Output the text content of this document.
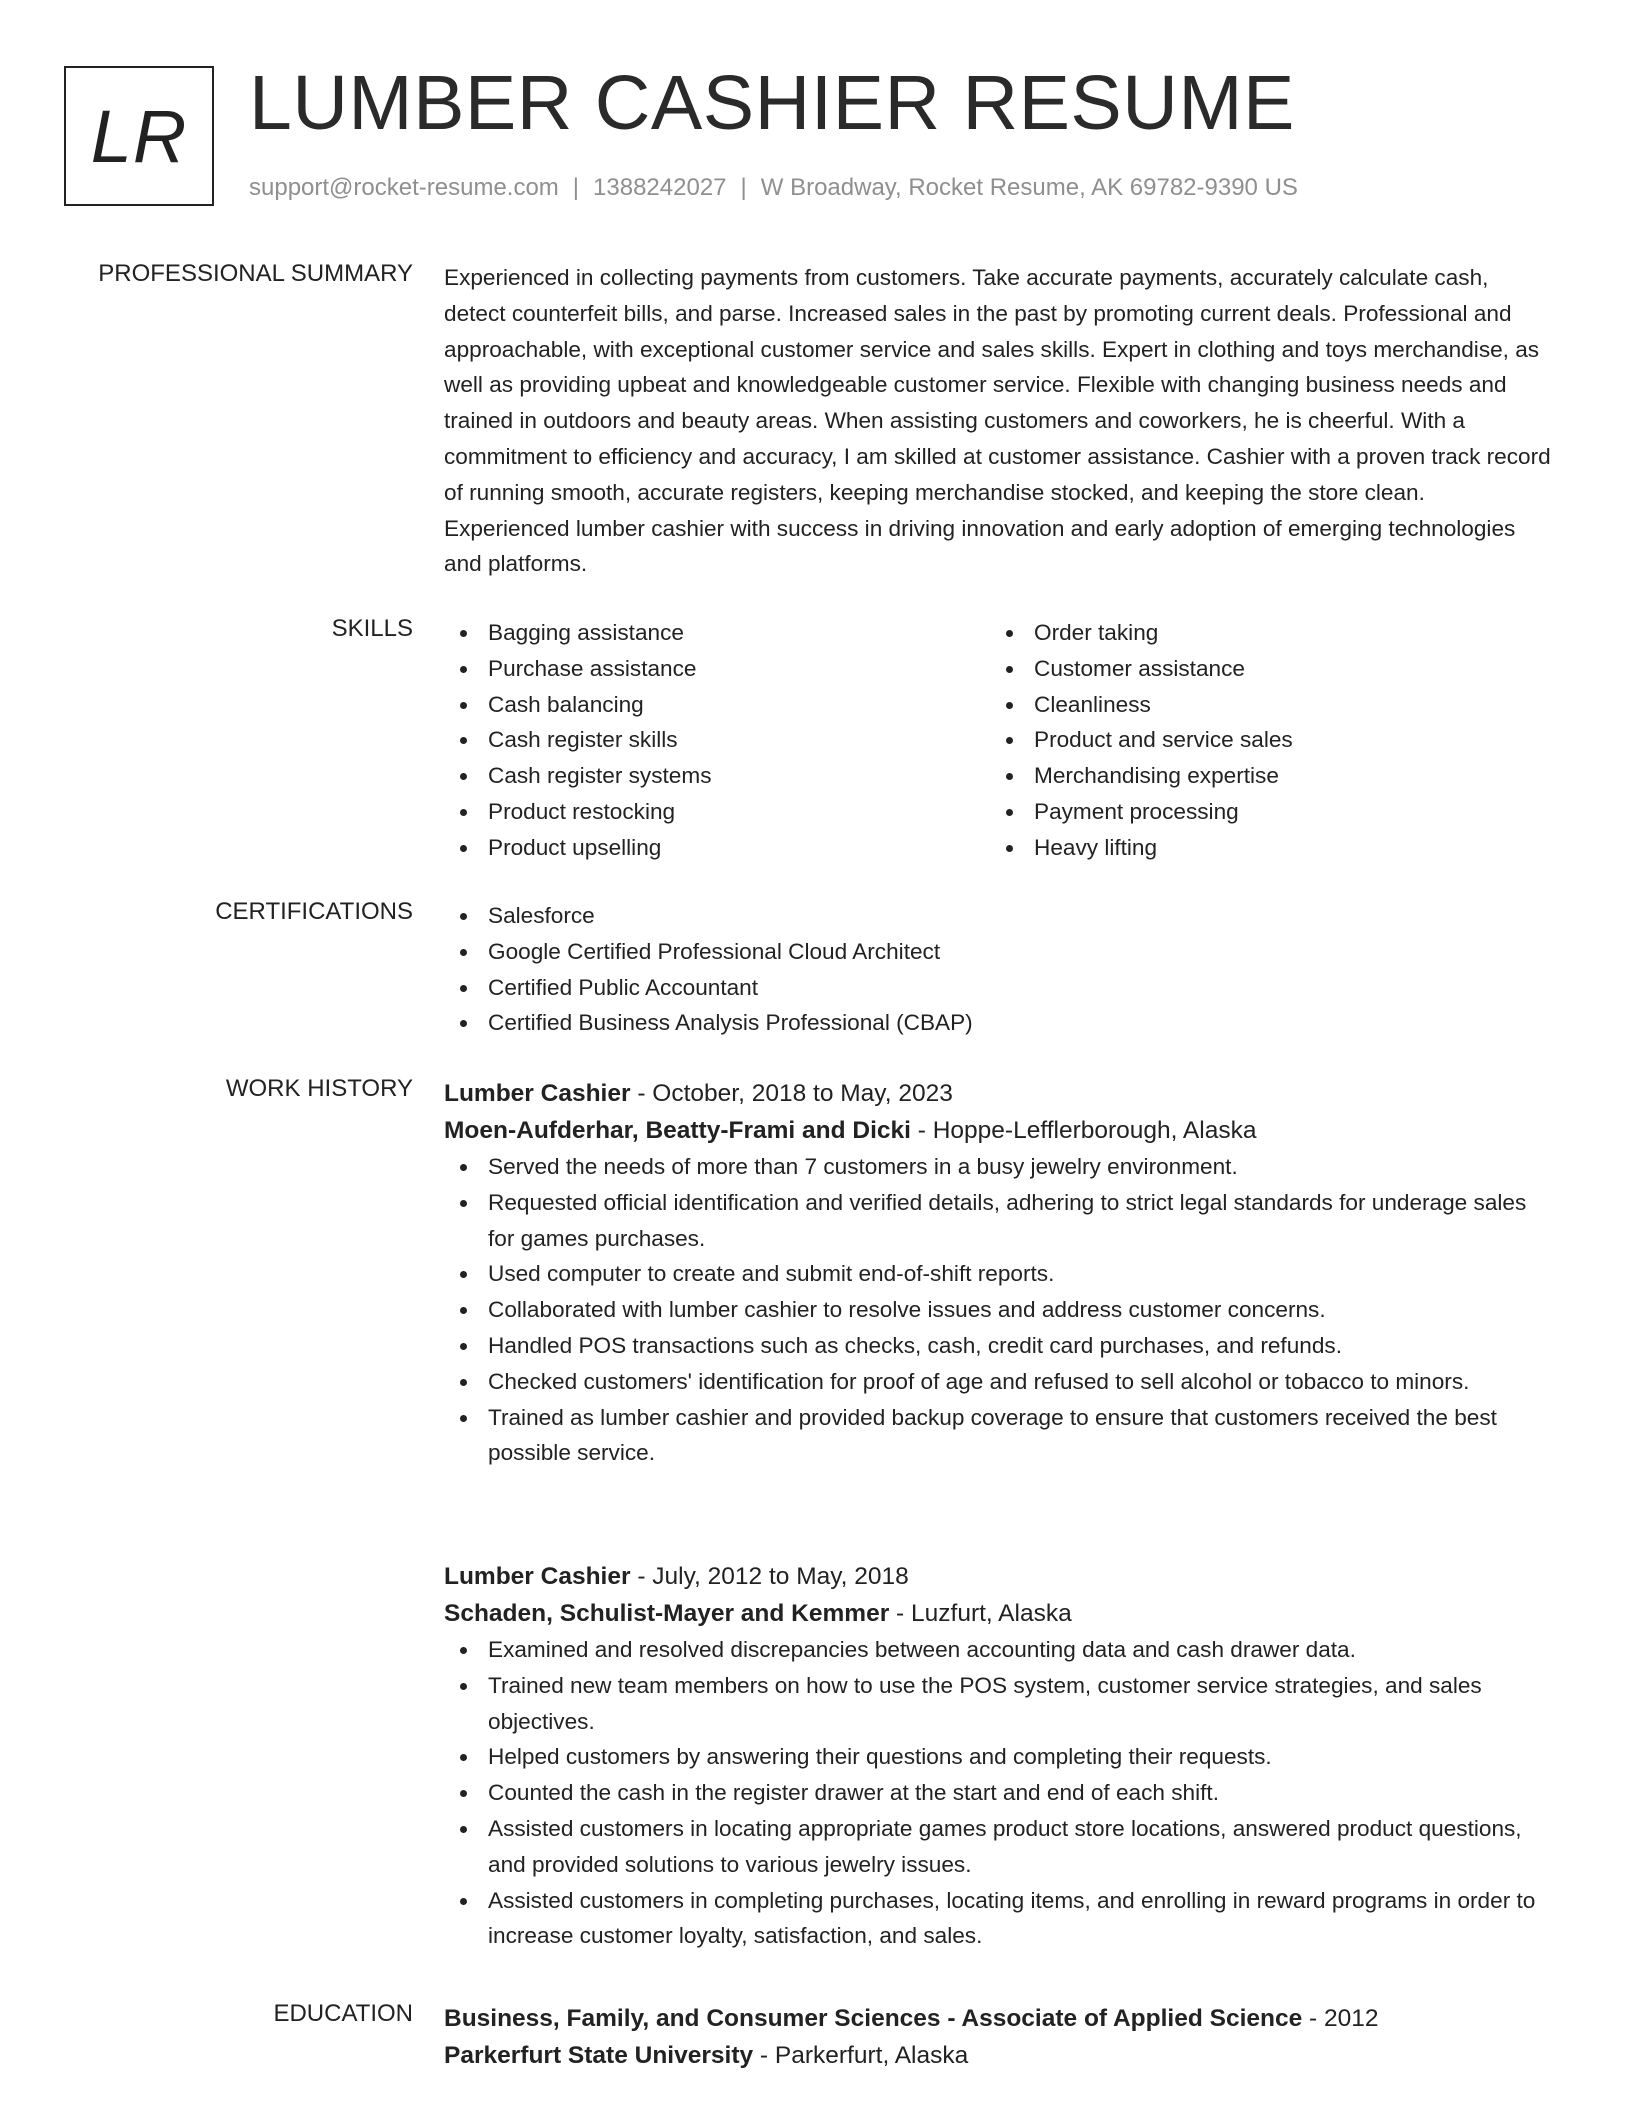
LR LUMBER CASHIER RESUME
support@rocket-resume.com | 1388242027 | W Broadway, Rocket Resume, AK 69782-9390 US
PROFESSIONAL SUMMARY Experienced in collecting payments from customers. Take accurate payments, accurately calculate cash, detect counterfeit bills, and parse. Increased sales in the past by promoting current deals. Professional and approachable, with exceptional customer service and sales skills. Expert in clothing and toys merchandise, as well as providing upbeat and knowledgeable customer service. Flexible with changing business needs and trained in outdoors and beauty areas. When assisting customers and coworkers, he is cheerful. With a commitment to efficiency and accuracy, I am skilled at customer assistance. Cashier with a proven track record of running smooth, accurate registers, keeping merchandise stocked, and keeping the store clean. Experienced lumber cashier with success in driving innovation and early adoption of emerging technologies and platforms.

SKILLS	Bagging assistance
Purchase assistance
Cash balancing
Cash register skills
Cash register systems
Product restocking
Product upselling
Order taking
Customer assistance
Cleanliness
Product and service sales
Merchandising expertise
Payment processing
Heavy lifting
CERTIFICATIONS	Salesforce
Google Certified Professional Cloud Architect
Certified Public Accountant
Certified Business Analysis Professional (CBAP)
WORK HISTORY Lumber Cashier - October, 2018 to May, 2023
Moen-Aufderhar, Beatty-Frami and Dicki - Hoppe-Lefflerborough, Alaska
Served the needs of more than 7 customers in a busy jewelry environment.
Requested official identification and verified details, adhering to strict legal standards for underage sales for games purchases.
Used computer to create and submit end-of-shift reports.
Collaborated with lumber cashier to resolve issues and address customer concerns.
Handled POS transactions such as checks, cash, credit card purchases, and refunds.
Checked customers' identification for proof of age and refused to sell alcohol or tobacco to minors.
Trained as lumber cashier and provided backup coverage to ensure that customers received the best possible service.
Lumber Cashier - July, 2012 to May, 2018
Schaden, Schulist-Mayer and Kemmer - Luzfurt, Alaska
Examined and resolved discrepancies between accounting data and cash drawer data.
Trained new team members on how to use the POS system, customer service strategies, and sales objectives.
Helped customers by answering their questions and completing their requests.
Counted the cash in the register drawer at the start and end of each shift.
Assisted customers in locating appropriate games product store locations, answered product questions, and provided solutions to various jewelry issues.
Assisted customers in completing purchases, locating items, and enrolling in reward programs in order to increase customer loyalty, satisfaction, and sales.
EDUCATION Business, Family, and Consumer Sciences - Associate of Applied Science - 2012
Parkerfurt State University - Parkerfurt, Alaska
